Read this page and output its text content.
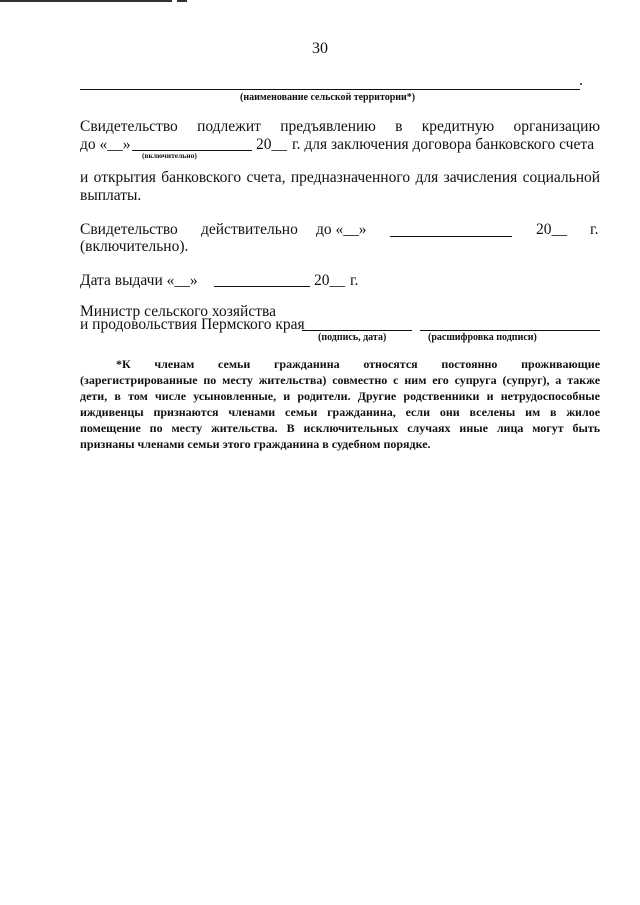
30
.
(наименование сельской территории*)
Свидетельство подлежит предъявлению в кредитную организацию
до «__»
(включительно)
20__ г. для заключения договора банковского счета
и открытия банковского счета, предназначенного для зачисления социальной
выплаты.
Свидетельство действительно до «__»	20__ г.
(включительно).
Дата выдачи «__»	20__ г.
Министр сельского хозяйства
и продовольствия Пермского края
(подпись, дата)	(расшифровка подписи)
*К членам семьи гражданина относятся постоянно проживающие
(зарегистрированные по месту жительства) совместно с ним его супруга (супруг), а также
дети, в том числе усыновленные, и родители. Другие родственники и нетрудоспособные
иждивенцы признаются членами семьи гражданина, если они вселены им в жилое
помещение по месту жительства. В исключительных случаях иные лица могут быть
признаны членами семьи этого гражданина в судебном порядке.
